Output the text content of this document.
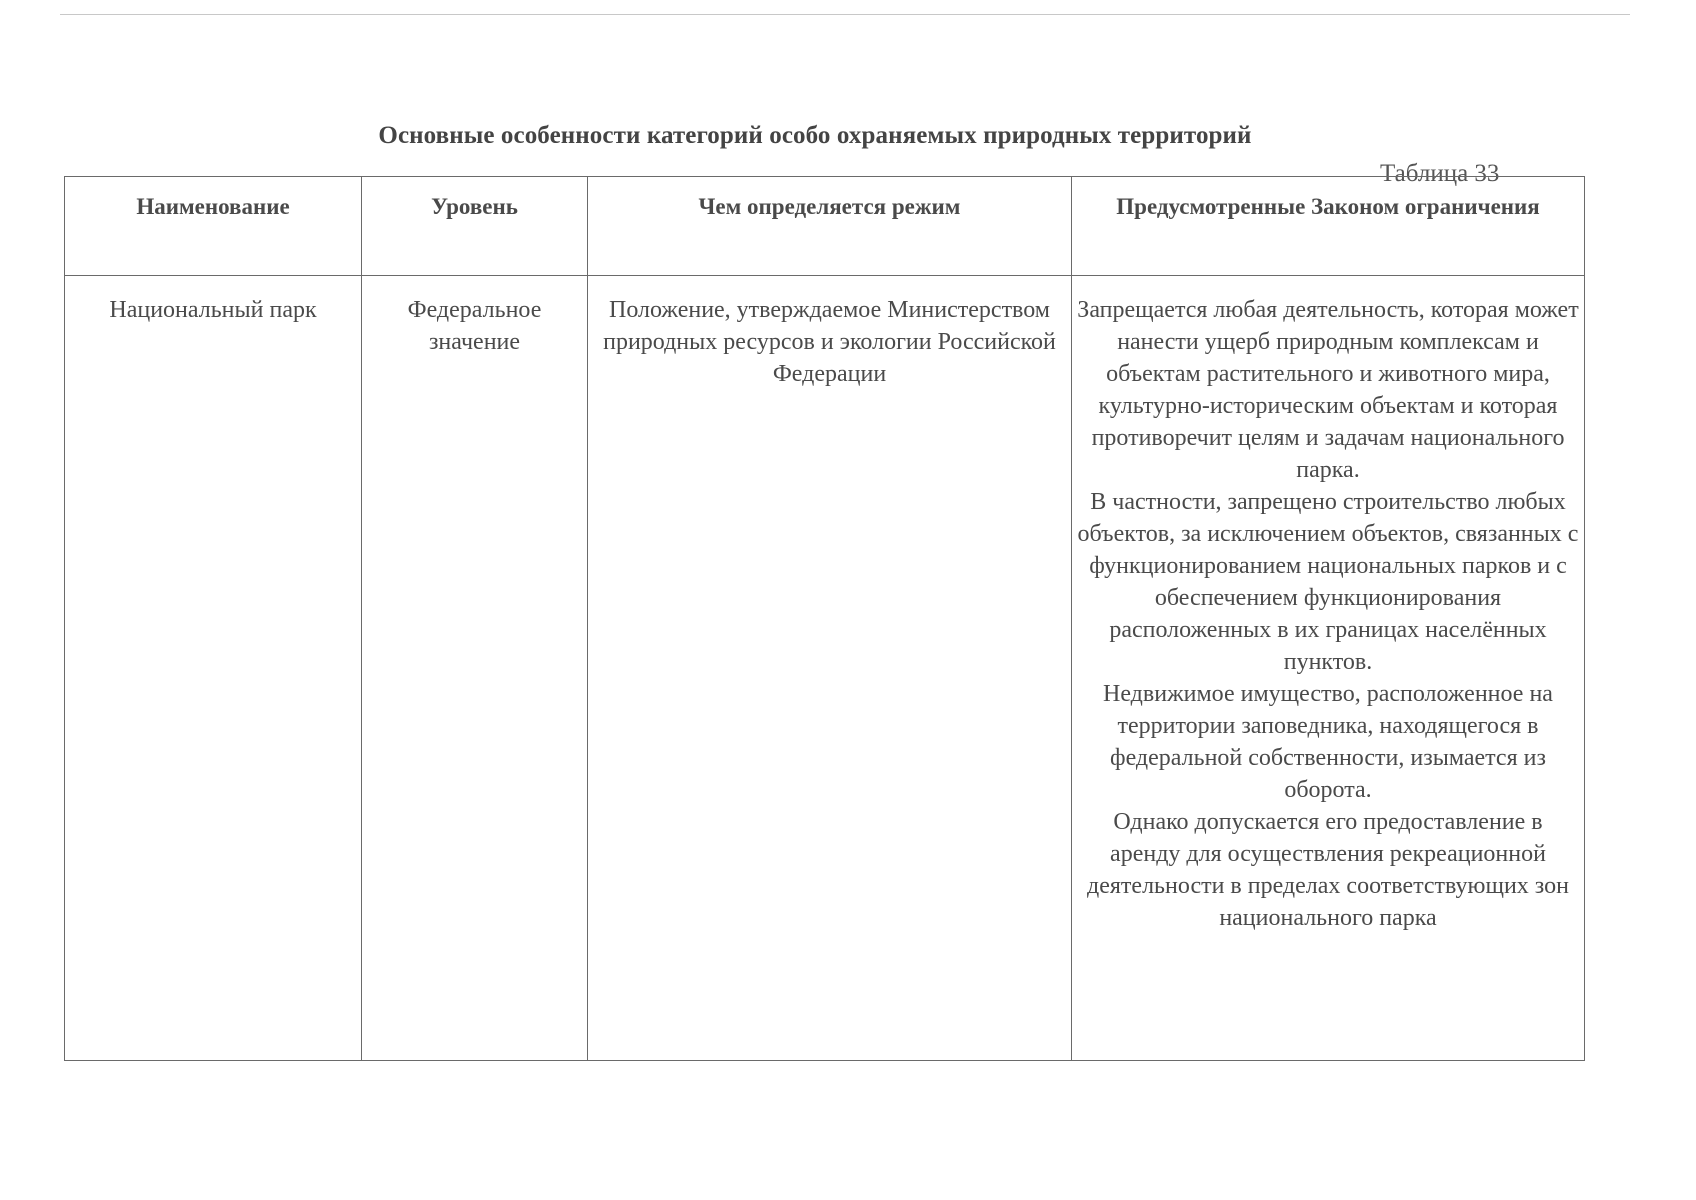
Основные особенности категорий особо охраняемых природных территорий
Таблица 33
Наименование	Уровень	Чем определяется режим	Предусмотренные Законом ограничения

Национальный парк	Федеральное значение	Положение, утверждаемое Министерством природных ресурсов и экологии Российской Федерации	Запрещается любая деятельность, которая может нанести ущерб природным комплексам и объектам растительного и животного мира, культурно-историческим объектам и которая противоречит целям и задачам национального парка.
В частности, запрещено строительство любых объектов, за исключением объектов, связанных с функционированием национальных парков и с обеспечением функционирования расположенных в их границах населённых пунктов.
Недвижимое имущество, расположенное на территории заповедника, находящегося в федеральной собственности, изымается из оборота.
Однако допускается его предоставление в аренду для осуществления рекреационной деятельности в пределах соответствующих зон национального парка
